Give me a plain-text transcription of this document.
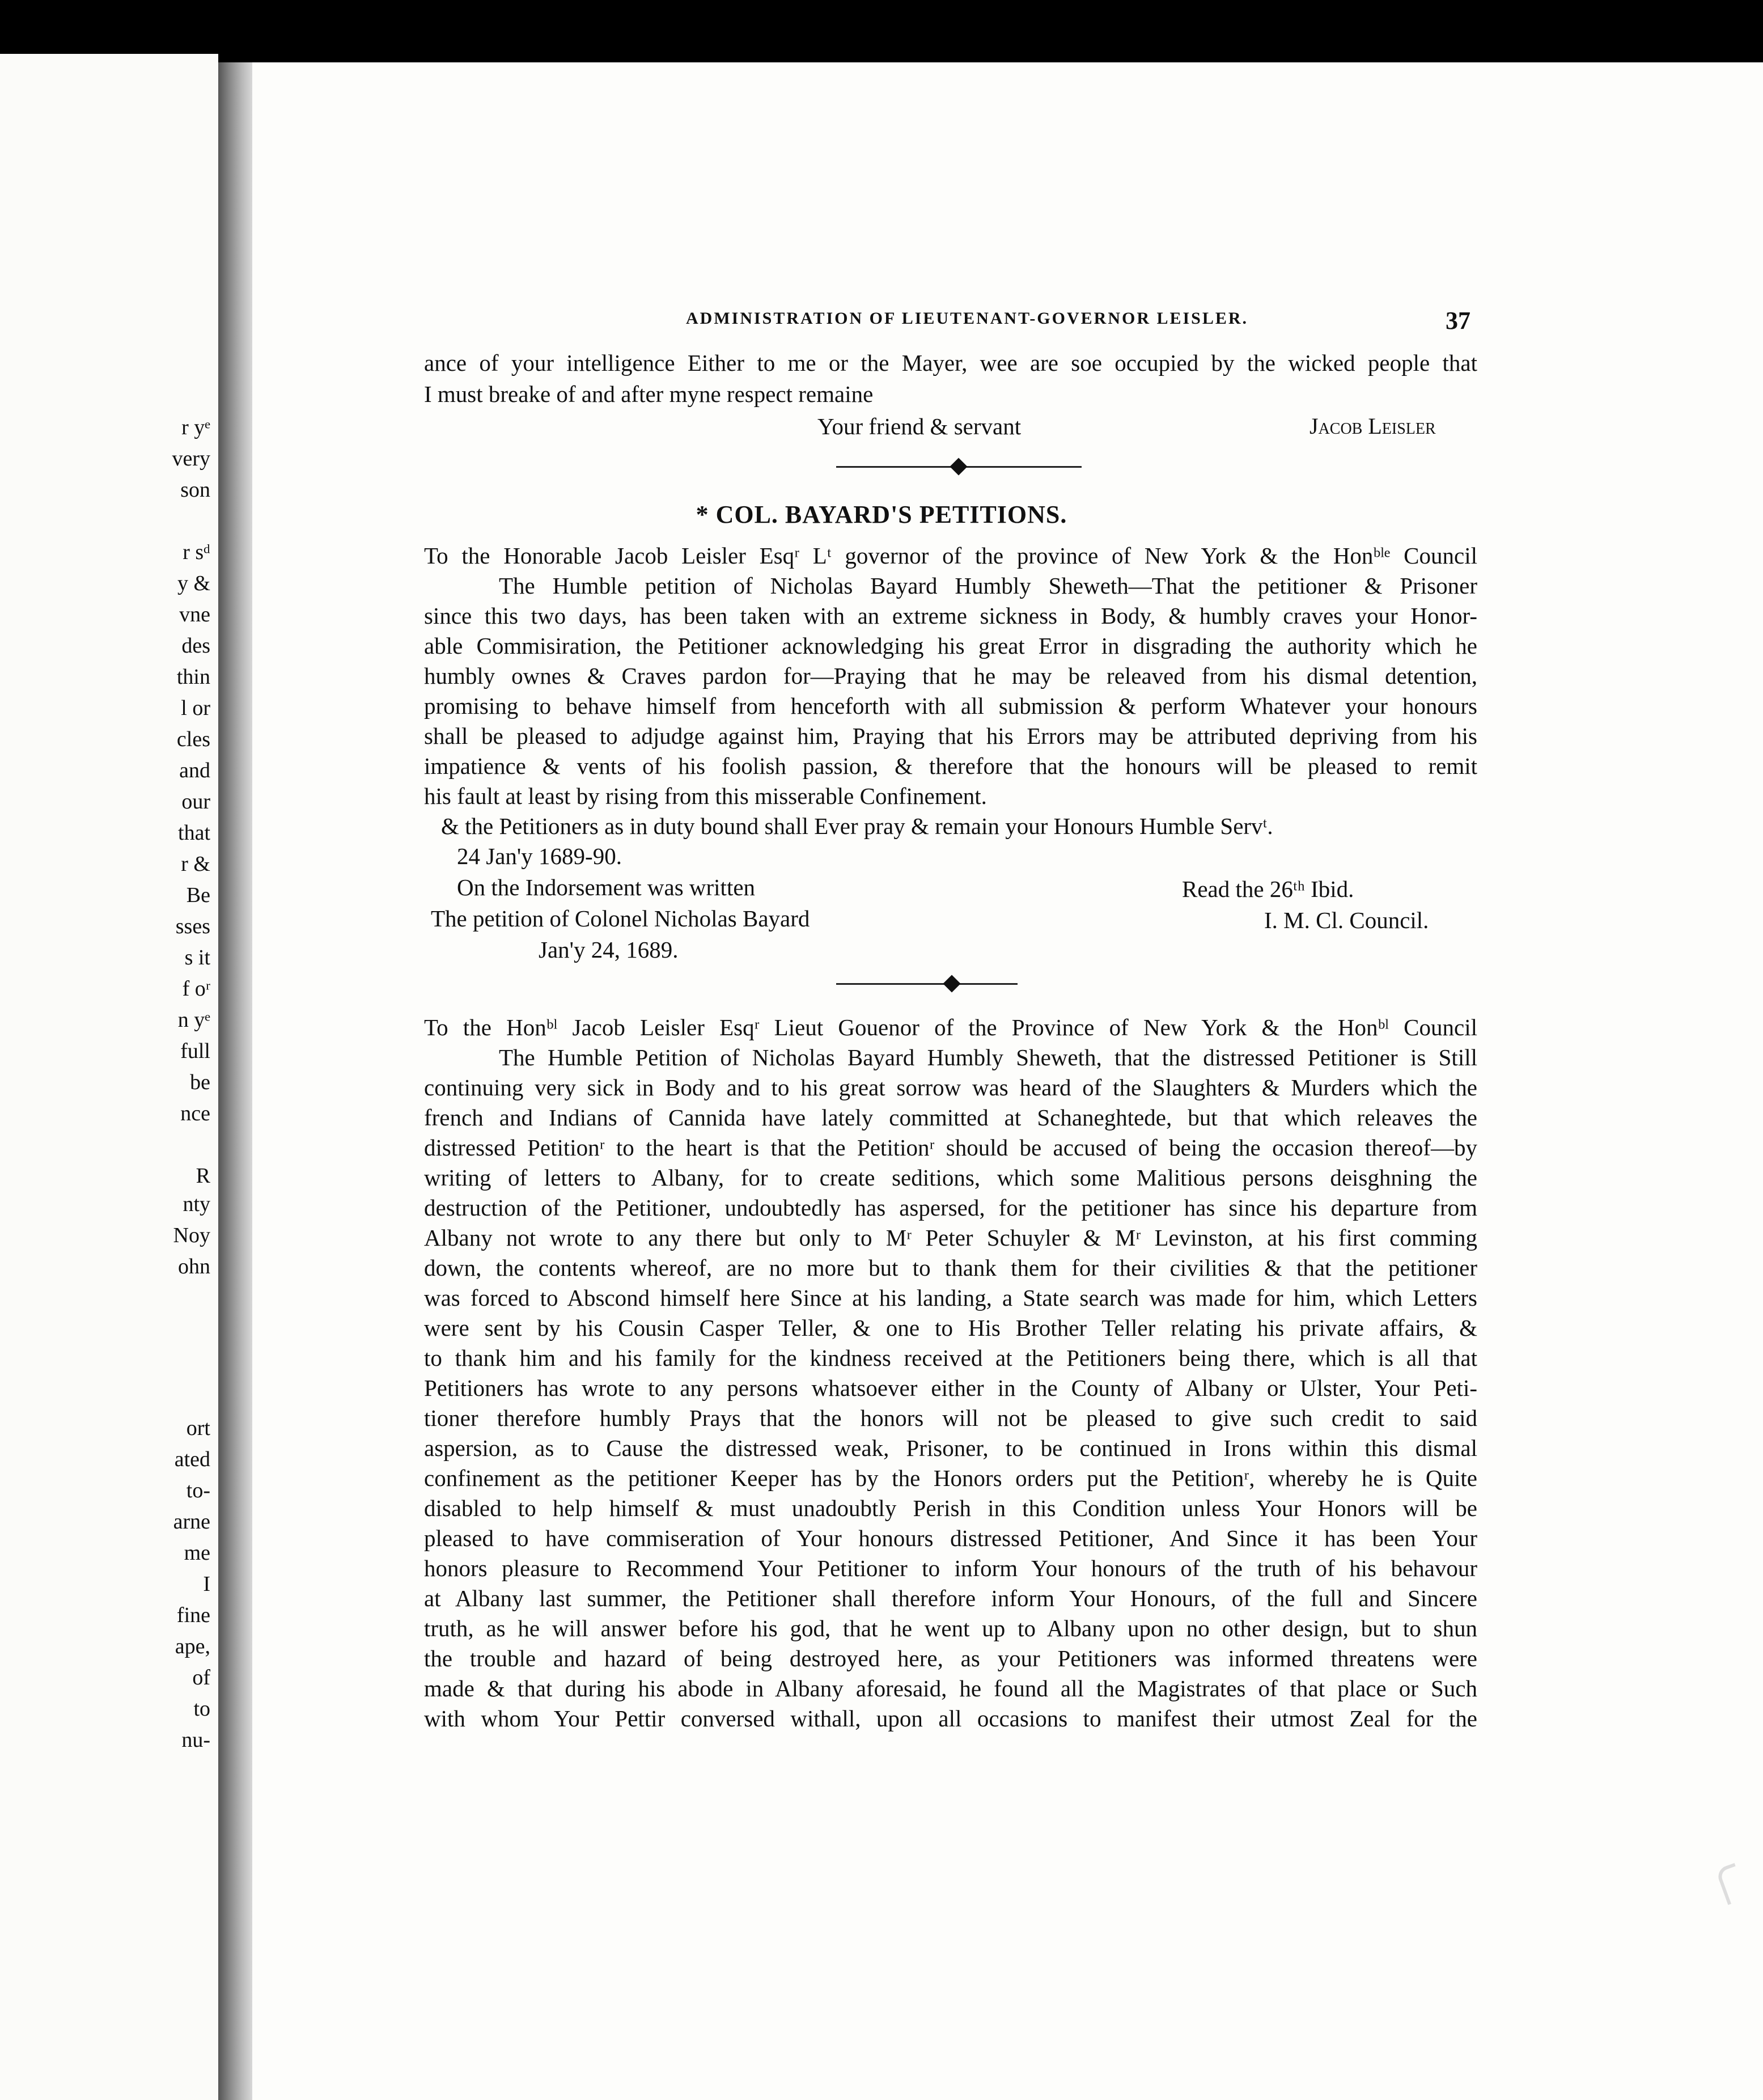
r yᵉ
very
son
r sᵈ
y &
vne
des
thin
l or
cles
and
our
that
r &
Be
sses
s it
f oʳ
n yᵉ
full
be
nce
R
nty
Noy
ohn
ort
ated
to-
arne
me
I
fine
ape,
of
to
nu-
ADMINISTRATION OF LIEUTENANT-GOVERNOR LEISLER.	37
ance of your intelligence Either to me or the Mayer, wee are soe occupied by the wicked people that
I must breake of and after myne respect remaine
Your friend & servant	Jacob Leisler
* COL. BAYARD'S PETITIONS.
To the Honorable Jacob Leisler Esqʳ Lᵗ governor of the province of New York & the Honᵇˡᵉ Council
The Humble petition of Nicholas Bayard Humbly Sheweth—That the petitioner & Prisoner
since this two days, has been taken with an extreme sickness in Body, & humbly craves your Honor-
able Commisiration, the Petitioner acknowledging his great Error in disgrading the authority which he
humbly ownes & Craves pardon for—Praying that he may be releaved from his dismal detention,
promising to behave himself from henceforth with all submission & perform Whatever your honours
shall be pleased to adjudge against him, Praying that his Errors may be attributed depriving from his
impatience & vents of his foolish passion, & therefore that the honours will be pleased to remit
his fault at least by rising from this misserable Confinement.
& the Petitioners as in duty bound shall Ever pray & remain your Honours Humble Servᵗ.
24 Jan'y 1689-90.
On the Indorsement was written
The petition of Colonel Nicholas Bayard
Jan'y 24, 1689.
Read the 26ᵗʰ Ibid.
I. M. Cl. Council.
To the Honᵇˡ Jacob Leisler Esqʳ Lieut Gouenor of the Province of New York & the Honᵇˡ Council
The Humble Petition of Nicholas Bayard Humbly Sheweth, that the distressed Petitioner is Still
continuing very sick in Body and to his great sorrow was heard of the Slaughters & Murders which the
french and Indians of Cannida have lately committed at Schaneghtede, but that which releaves the
distressed Petitionʳ to the heart is that the Petitionʳ should be accused of being the occasion thereof—by
writing of letters to Albany, for to create seditions, which some Malitious persons deisghning the
destruction of the Petitioner, undoubtedly has aspersed, for the petitioner has since his departure from
Albany not wrote to any there but only to Mʳ Peter Schuyler & Mʳ Levinston, at his first comming
down, the contents whereof, are no more but to thank them for their civilities & that the petitioner
was forced to Abscond himself here Since at his landing, a State search was made for him, which Letters
were sent by his Cousin Casper Teller, & one to His Brother Teller relating his private affairs, &
to thank him and his family for the kindness received at the Petitioners being there, which is all that
Petitioners has wrote to any persons whatsoever either in the County of Albany or Ulster, Your Peti-
tioner therefore humbly Prays that the honors will not be pleased to give such credit to said
aspersion, as to Cause the distressed weak, Prisoner, to be continued in Irons within this dismal
confinement as the petitioner Keeper has by the Honors orders put the Petitionʳ, whereby he is Quite
disabled to help himself & must unadoubtly Perish in this Condition unless Your Honors will be
pleased to have commiseration of Your honours distressed Petitioner, And Since it has been Your
honors pleasure to Recommend Your Petitioner to inform Your honours of the truth of his behavour
at Albany last summer, the Petitioner shall therefore inform Your Honours, of the full and Sincere
truth, as he will answer before his god, that he went up to Albany upon no other design, but to shun
the trouble and hazard of being destroyed here, as your Petitioners was informed threatens were
made & that during his abode in Albany aforesaid, he found all the Magistrates of that place or Such
with whom Your Pettir conversed withall, upon all occasions to manifest their utmost Zeal for the
